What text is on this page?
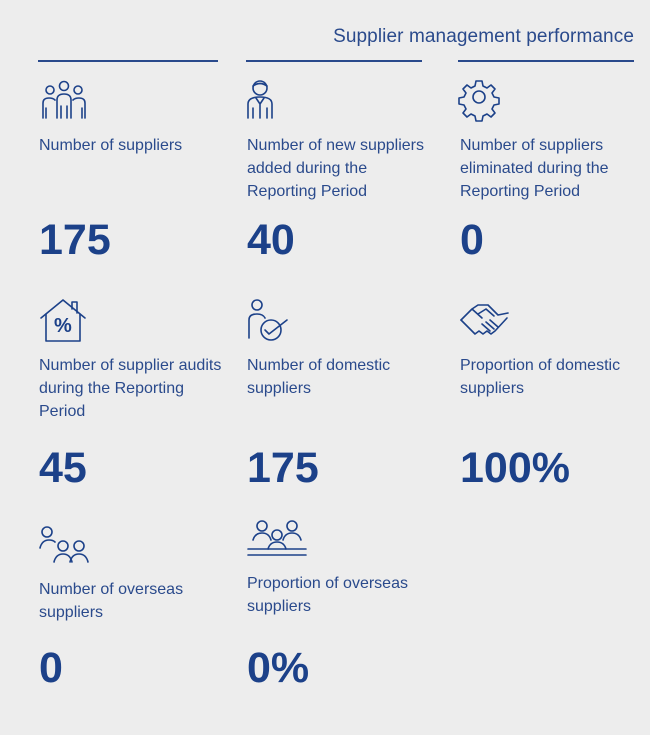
Supplier management performance
Number of suppliers
175
Number of new suppliers added during the Reporting Period
40
Number of suppliers eliminated during the Reporting Period
0
%
Number of supplier audits during the Reporting Period
45
Number of domestic suppliers
175
Proportion of domestic suppliers
100%
Number of overseas suppliers
0
Proportion of overseas suppliers
0%
